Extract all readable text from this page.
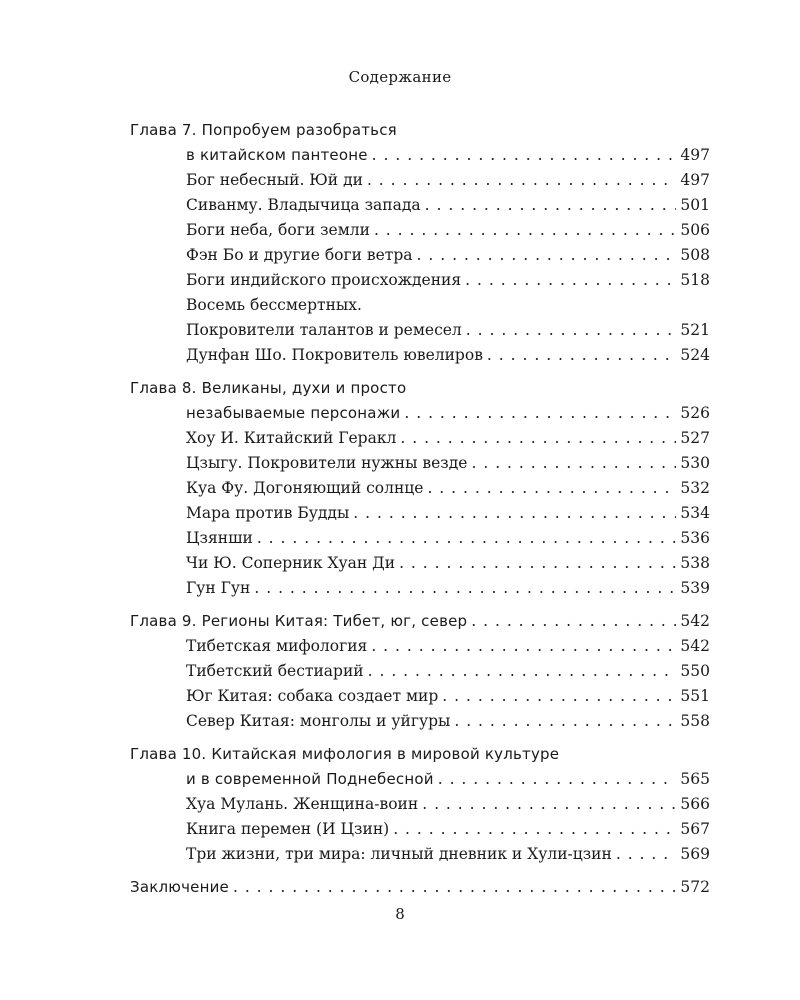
Содержание
Глава 7. Попробуем разобраться
в китайском пантеоне . . .	497
Бог небесный. Юй ди . . .	497
Сиванму. Владычица запада . . .	501
Боги неба, боги земли . . .	506
Фэн Бо и другие боги ветра . . .	508
Боги индийского происхождения . . .	518
Восемь бессмертных.
Покровители талантов и ремесел . . .	521
Дунфан Шо. Покровитель ювелиров . . .	524
Глава 8. Великаны, духи и просто
незабываемые персонажи . . .	526
Хоу И. Китайский Геракл . . .	527
Цзыгу. Покровители нужны везде . . .	530
Куа Фу. Догоняющий солнце . . .	532
Мара против Будды . . .	534
Цзянши . . .	536
Чи Ю. Соперник Хуан Ди . . .	538
Гун Гун . . .	539
Глава 9. Регионы Китая: Тибет, юг, север . . .	542
Тибетская мифология . . .	542
Тибетский бестиарий . . .	550
Юг Китая: собака создает мир . . .	551
Север Китая: монголы и уйгуры . . .	558
Глава 10. Китайская мифология в мировой культуре
и в современной Поднебесной . . .	565
Хуа Мулань. Женщина-воин . . .	566
Книга перемен (И Цзин) . . .	567
Три жизни, три мира: личный дневник и Хули-цзин . . .	569
Заключение . . .	572
8
